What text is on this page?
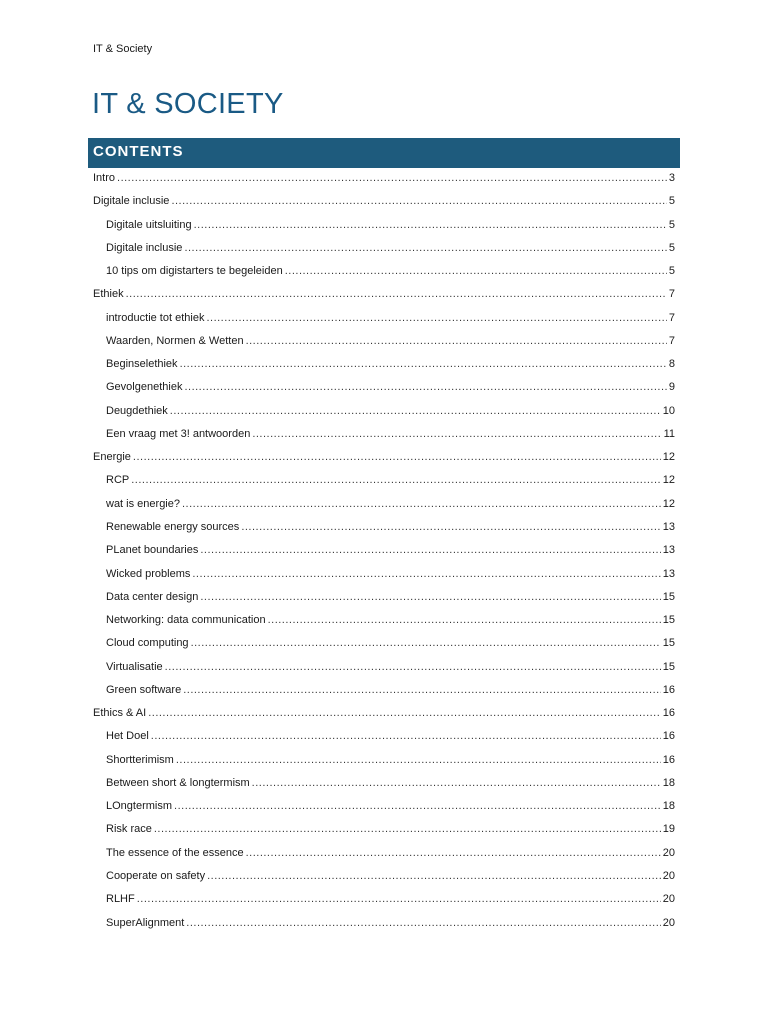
IT & Society
IT & SOCIETY
CONTENTS
Intro .....	3
Digitale inclusie .....	5
Digitale uitsluiting .....	5
Digitale inclusie .....	5
10 tips om digistarters te begeleiden .....	5
Ethiek .....	7
introductie tot ethiek .....	7
Waarden, Normen & Wetten .....	7
Beginselethiek .....	8
Gevolgenethiek .....	9
Deugdethiek .....	10
Een vraag met 3! antwoorden .....	11
Energie .....	12
RCP .....	12
wat is energie? .....	12
Renewable energy sources .....	13
PLanet boundaries .....	13
Wicked problems .....	13
Data center design .....	15
Networking: data communication .....	15
Cloud computing .....	15
Virtualisatie .....	15
Green software .....	16
Ethics & AI .....	16
Het Doel .....	16
Shortterimism .....	16
Between short & longtermism .....	18
LOngtermism .....	18
Risk race .....	19
The essence of the essence .....	20
Cooperate on safety .....	20
RLHF .....	20
SuperAlignment .....	20
